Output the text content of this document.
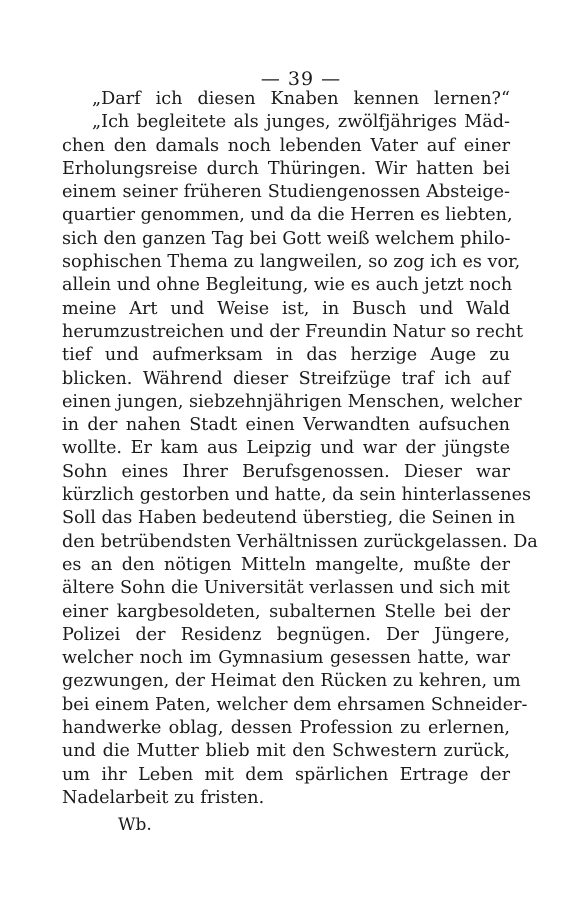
— 39 —
„Darf ich diesen Knaben kennen lernen?“
„Ich begleitete als junges, zwölfjähriges Mäd-
chen den damals noch lebenden Vater auf einer
Erholungsreise durch Thüringen. Wir hatten bei
einem seiner früheren Studiengenossen Absteige-
quartier genommen, und da die Herren es liebten,
sich den ganzen Tag bei Gott weiß welchem philo-
sophischen Thema zu langweilen, so zog ich es vor,
allein und ohne Begleitung, wie es auch jetzt noch
meine Art und Weise ist, in Busch und Wald
herumzustreichen und der Freundin Natur so recht
tief und aufmerksam in das herzige Auge zu
blicken. Während dieser Streifzüge traf ich auf
einen jungen, siebzehnjährigen Menschen, welcher
in der nahen Stadt einen Verwandten aufsuchen
wollte. Er kam aus Leipzig und war der jüngste
Sohn eines Ihrer Berufsgenossen. Dieser war
kürzlich gestorben und hatte, da sein hinterlassenes
Soll das Haben bedeutend überstieg, die Seinen in
den betrübendsten Verhältnissen zurückgelassen. Da
es an den nötigen Mitteln mangelte, mußte der
ältere Sohn die Universität verlassen und sich mit
einer kargbesoldeten, subalternen Stelle bei der
Polizei der Residenz begnügen. Der Jüngere,
welcher noch im Gymnasium gesessen hatte, war
gezwungen, der Heimat den Rücken zu kehren, um
bei einem Paten, welcher dem ehrsamen Schneider-
handwerke oblag, dessen Profession zu erlernen,
und die Mutter blieb mit den Schwestern zurück,
um ihr Leben mit dem spärlichen Ertrage der
Nadelarbeit zu fristen.
Wb.
